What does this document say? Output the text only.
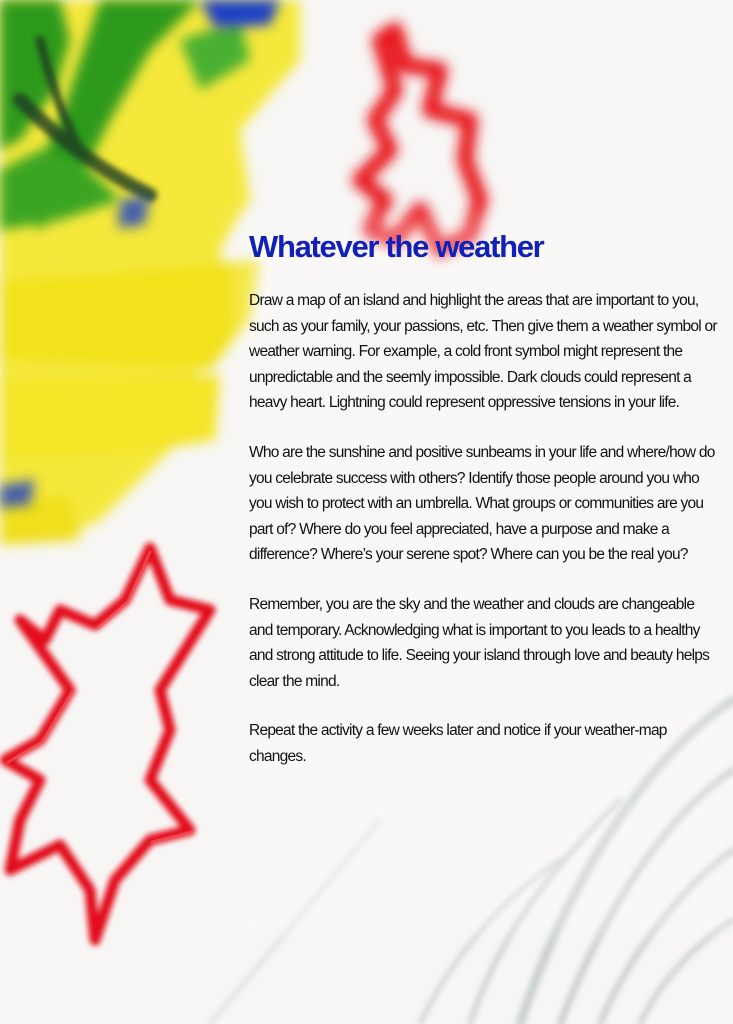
Whatever the weather

Draw a map of an island and highlight the areas that are important to you, such as your family, your passions, etc. Then give them a weather symbol or weather warning. For example, a cold front symbol might represent the unpredictable and the seemly impossible. Dark clouds could represent a heavy heart. Lightning could represent oppressive tensions in your life.

Who are the sunshine and positive sunbeams in your life and where/how do you celebrate success with others? Identify those people around you who you wish to protect with an umbrella. What groups or communities are you part of? Where do you feel appreciated, have a purpose and make a difference? Where’s your serene spot? Where can you be the real you?

Remember, you are the sky and the weather and clouds are changeable and temporary. Acknowledging what is important to you leads to a healthy and strong attitude to life. Seeing your island through love and beauty helps clear the mind.

Repeat the activity a few weeks later and notice if your weather-map changes.
